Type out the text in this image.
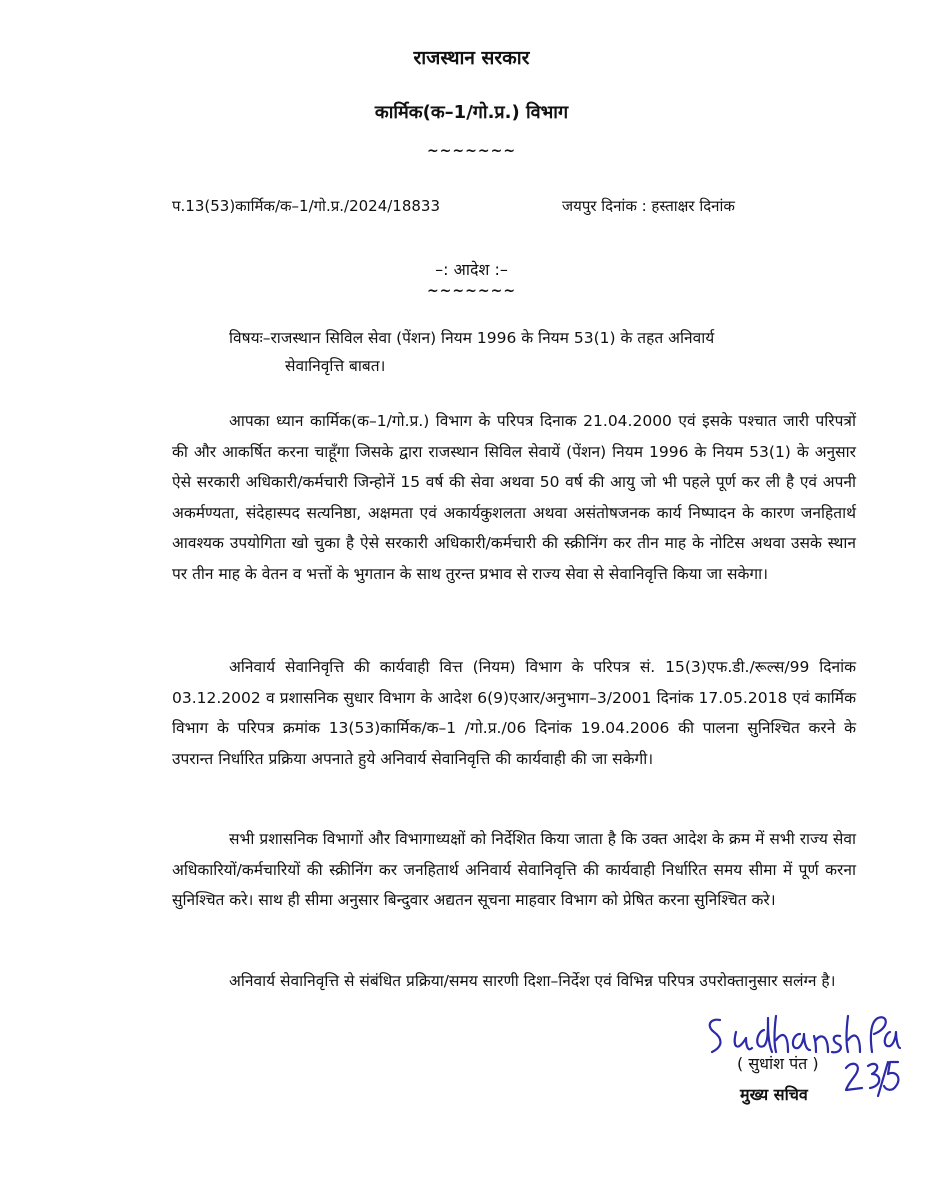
राजस्थान सरकार
कार्मिक(क–1/गो.प्र.) विभाग
~~~~~~~
प.13(53)कार्मिक/क–1/गो.प्र./2024/18833	जयपुर दिनांक : हस्ताक्षर दिनांक
–: आदेश :–
~~~~~~~
विषयः–राजस्थान सिविल सेवा (पेंशन) नियम 1996 के नियम 53(1) के तहत अनिवार्य
सेवानिवृत्ति बाबत।

आपका ध्यान कार्मिक(क–1/गो.प्र.) विभाग के परिपत्र दिनाक 21.04.2000 एवं इसके पश्चात जारी परिपत्रों की और आकर्षित करना चाहूँगा जिसके द्वारा राजस्थान सिविल सेवायें (पेंशन) नियम 1996 के नियम 53(1) के अनुसार ऐसे सरकारी अधिकारी/कर्मचारी जिन्होनें 15 वर्ष की सेवा अथवा 50 वर्ष की आयु जो भी पहले पूर्ण कर ली है एवं अपनी अकर्मण्यता, संदेहास्पद सत्यनिष्ठा, अक्षमता एवं अकार्यकुशलता अथवा असंतोषजनक कार्य निष्पादन के कारण जनहितार्थ आवश्यक उपयोगिता खो चुका है ऐसे सरकारी अधिकारी/कर्मचारी की स्क्रीनिंग कर तीन माह के नोटिस अथवा उसके स्थान पर तीन माह के वेतन व भत्तों के भुगतान के साथ तुरन्त प्रभाव से राज्य सेवा से सेवानिवृत्ति किया जा सकेगा।

अनिवार्य सेवानिवृत्ति की कार्यवाही वित्त (नियम) विभाग के परिपत्र सं. 15(3)एफ.डी./रूल्स/99 दिनांक 03.12.2002 व प्रशासनिक सुधार विभाग के आदेश 6(9)एआर/अनुभाग–3/2001 दिनांक 17.05.2018 एवं कार्मिक विभाग के परिपत्र क्रमांक 13(53)कार्मिक/क–1 /गो.प्र./06 दिनांक 19.04.2006 की पालना सुनिश्चित करने के उपरान्त निर्धारित प्रक्रिया अपनाते हुये अनिवार्य सेवानिवृत्ति की कार्यवाही की जा सकेगी।

सभी प्रशासनिक विभागों और विभागाध्यक्षों को निर्देशित किया जाता है कि उक्त आदेश के क्रम में सभी राज्य सेवा अधिकारियों/कर्मचारियों की स्क्रीनिंग कर जनहितार्थ अनिवार्य सेवानिवृत्ति की कार्यवाही निर्धारित समय सीमा में पूर्ण करना सुनिश्चित करे। साथ ही सीमा अनुसार बिन्दुवार अद्यतन सूचना माहवार विभाग को प्रेषित करना सुनिश्चित करे।

अनिवार्य सेवानिवृत्ति से संबंधित प्रक्रिया/समय सारणी दिशा–निर्देश एवं विभिन्न परिपत्र उपरोक्तानुसार सलंग्न है।

( सुधांश पंत )
मुख्य सचिव
